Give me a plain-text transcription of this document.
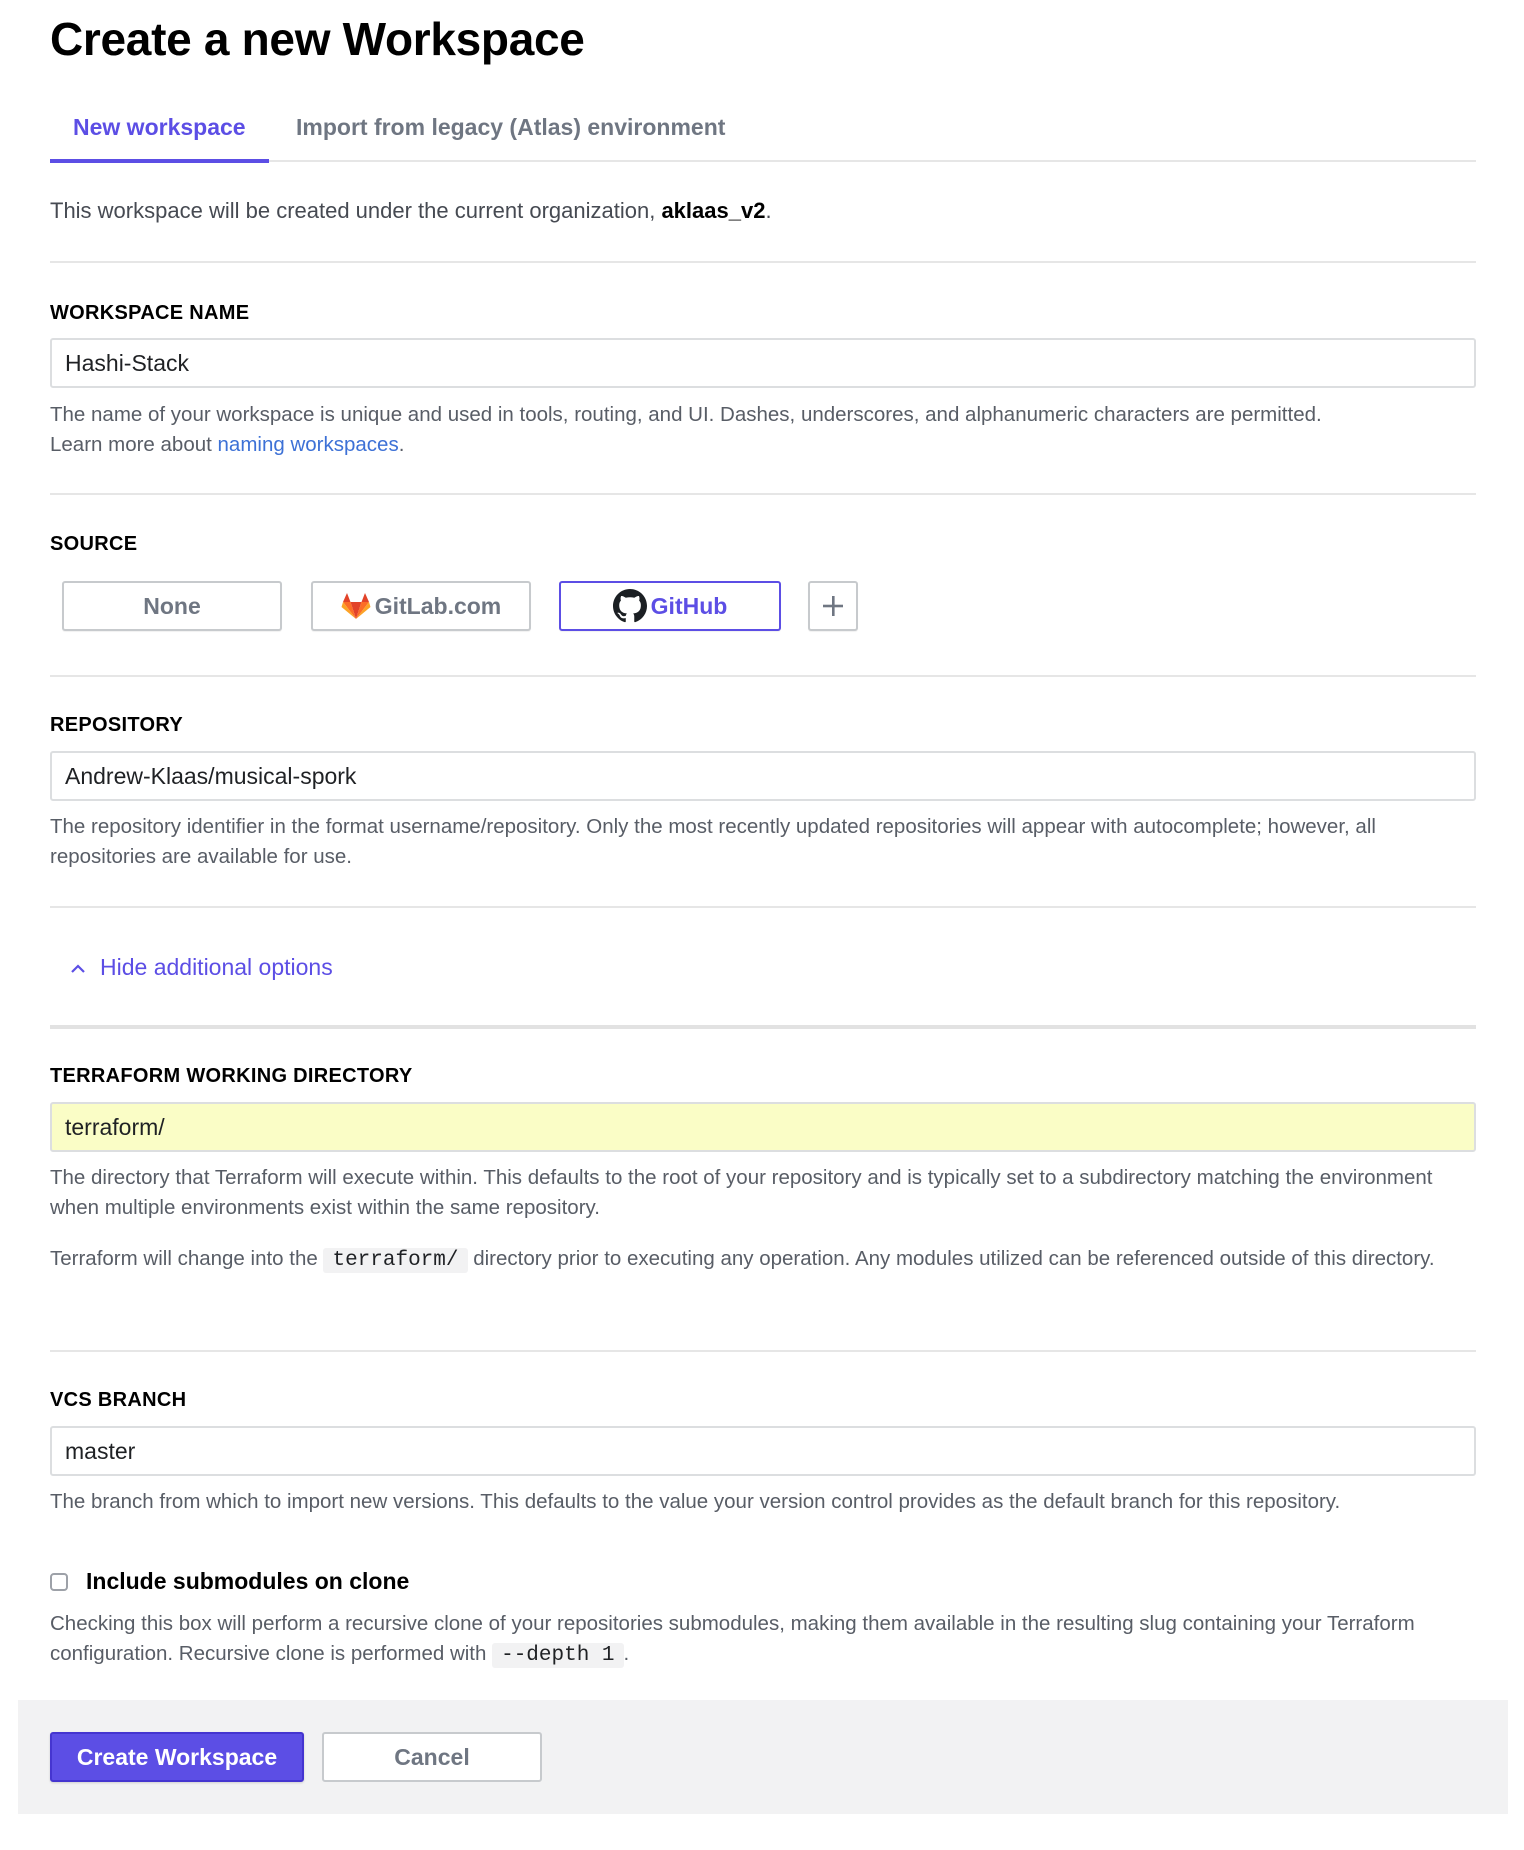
Create a new Workspace
New workspace	Import from legacy (Atlas) environment

This workspace will be created under the current organization, aklaas_v2.

WORKSPACE NAME
Hashi-Stack
The name of your workspace is unique and used in tools, routing, and UI. Dashes, underscores, and alphanumeric characters are permitted.
Learn more about naming workspaces.
SOURCE
None	GitLab.com	GitHub
REPOSITORY
Andrew-Klaas/musical-spork
The repository identifier in the format username/repository. Only the most recently updated repositories will appear with autocomplete; however, all repositories are available for use.
Hide additional options
TERRAFORM WORKING DIRECTORY
terraform/
The directory that Terraform will execute within. This defaults to the root of your repository and is typically set to a subdirectory matching the environment when multiple environments exist within the same repository.
Terraform will change into the terraform/ directory prior to executing any operation. Any modules utilized can be referenced outside of this directory.
VCS BRANCH
master
The branch from which to import new versions. This defaults to the value your version control provides as the default branch for this repository.
Include submodules on clone
Checking this box will perform a recursive clone of your repositories submodules, making them available in the resulting slug containing your Terraform configuration. Recursive clone is performed with --depth 1 .
Create Workspace	Cancel
